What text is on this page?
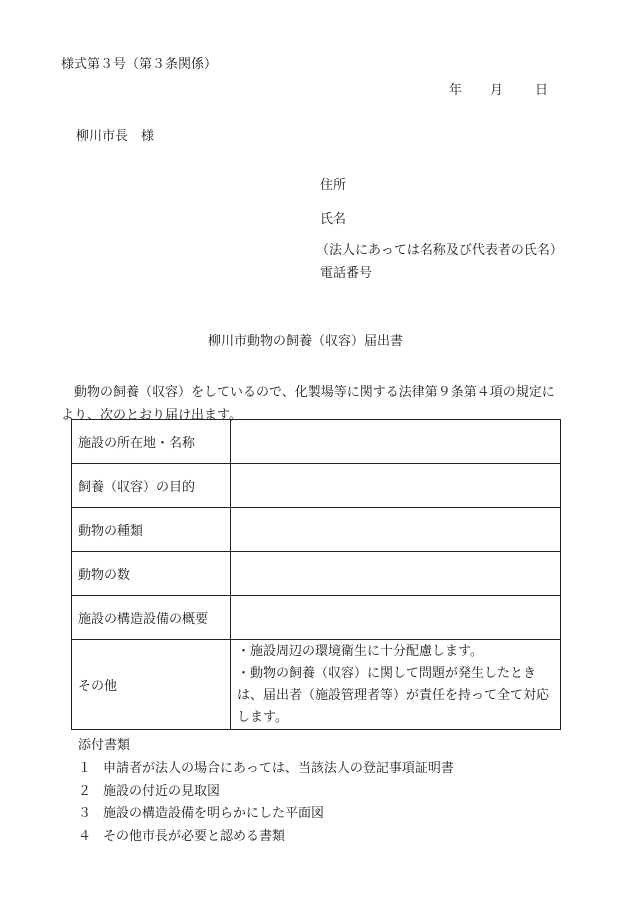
様式第３号（第３条関係）
年 月 日
柳川市長　様
住所
氏名
（法人にあっては名称及び代表者の氏名）
電話番号
柳川市動物の飼養（収容）届出書
　動物の飼養（収容）をしているので、化製場等に関する法律第９条第４項の規定により、次のとおり届け出ます。
施設の所在地・名称	
飼養（収容）の目的	
動物の種類	
動物の数	
施設の構造設備の概要	
その他	・施設周辺の環境衛生に十分配慮します。
・動物の飼養（収容）に関して問題が発生したときは、届出者（施設管理者等）が責任を持って全て対応します。
添付書類
１ 申請者が法人の場合にあっては、当該法人の登記事項証明書
２ 施設の付近の見取図
３ 施設の構造設備を明らかにした平面図
４ その他市長が必要と認める書類
